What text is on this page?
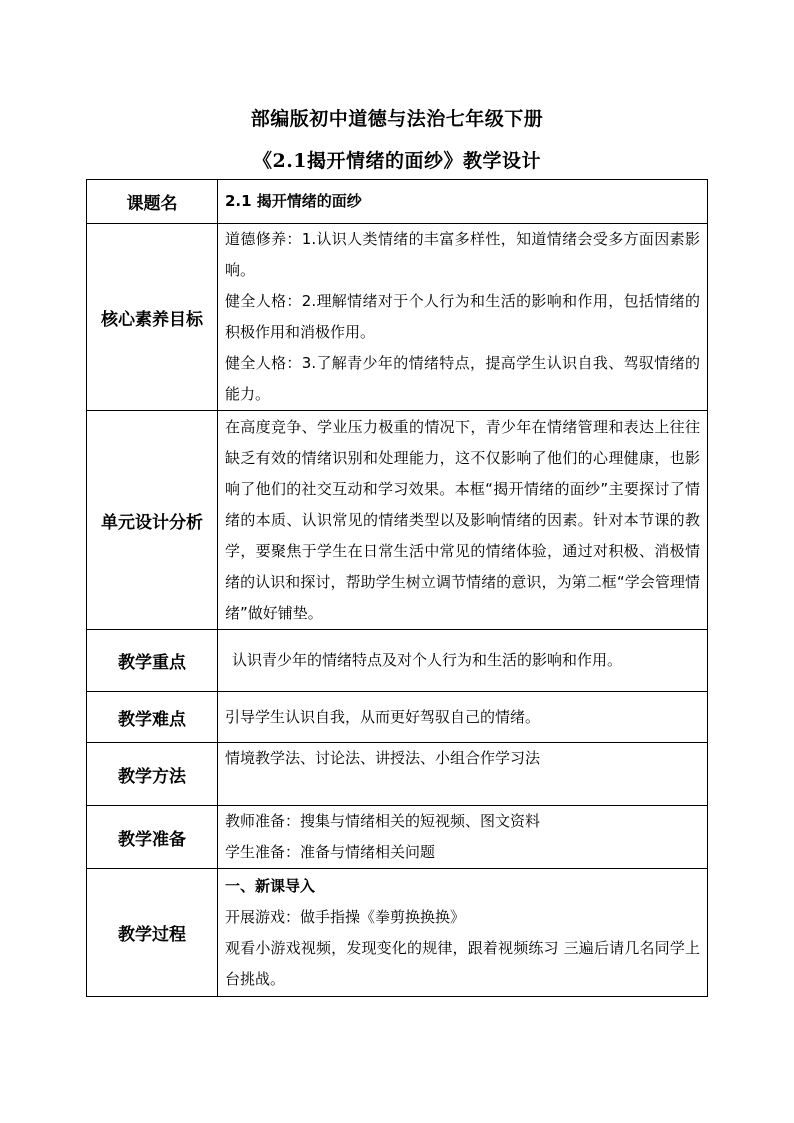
部编版初中道德与法治七年级下册
《2.1揭开情绪的面纱》教学设计
课题名	2.1 揭开情绪的面纱
核心素养目标	道德修养：1.认识人类情绪的丰富多样性，知道情绪会受多方面因素影响。

健全人格：2.理解情绪对于个人行为和生活的影响和作用，包括情绪的积极作用和消极作用。

健全人格：3.了解青少年的情绪特点，提高学生认识自我、驾驭情绪的能力。

单元设计分析	在高度竞争、学业压力极重的情况下，青少年在情绪管理和表达上往往缺乏有效的情绪识别和处理能力，这不仅影响了他们的心理健康，也影响了他们的社交互动和学习效果。本框“揭开情绪的面纱”主要探讨了情绪的本质、认识常见的情绪类型以及影响情绪的因素。针对本节课的教学，要聚焦于学生在日常生活中常见的情绪体验，通过对积极、消极情绪的认识和探讨，帮助学生树立调节情绪的意识，为第二框“学会管理情绪”做好铺垫。

教学重点	认识青少年的情绪特点及对个人行为和生活的影响和作用。
教学难点	引导学生认识自我，从而更好驾驭自己的情绪。
教学方法	情境教学法、讨论法、讲授法、小组合作学习法
教学准备	教师准备：搜集与情绪相关的短视频、图文资料

学生准备：准备与情绪相关问题

教学过程	一、新课导入

开展游戏：做手指操《拳剪换换换》

观看小游戏视频，发现变化的规律，跟着视频练习 三遍后请几名同学上台挑战。
